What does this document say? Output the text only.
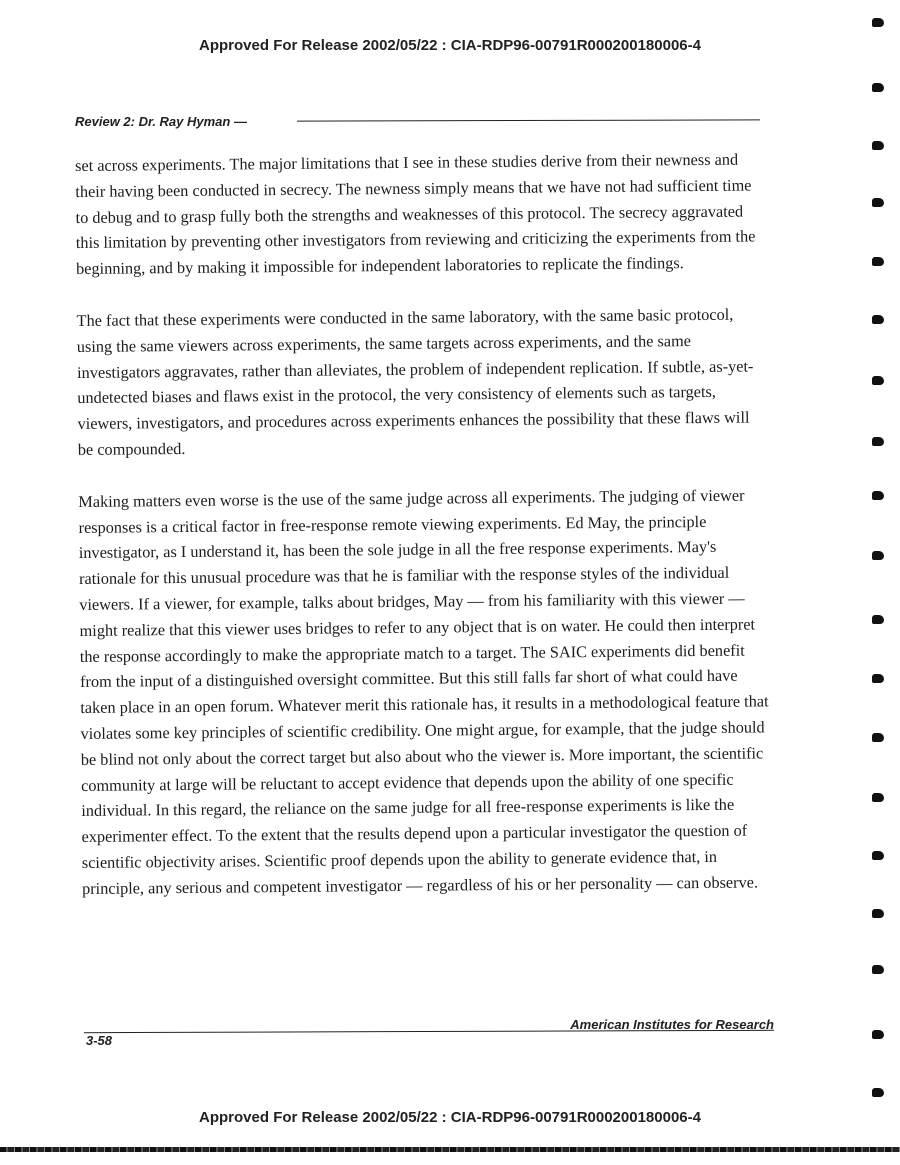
Approved For Release 2002/05/22 : CIA-RDP96-00791R000200180006-4
Review 2: Dr. Ray Hyman —

set across experiments. The major limitations that I see in these studies derive from their newness and their having been conducted in secrecy. The newness simply means that we have not had sufficient time to debug and to grasp fully both the strengths and weaknesses of this protocol. The secrecy aggravated this limitation by preventing other investigators from reviewing and criticizing the experiments from the beginning, and by making it impossible for independent laboratories to replicate the findings.

The fact that these experiments were conducted in the same laboratory, with the same basic protocol, using the same viewers across experiments, the same targets across experiments, and the same investigators aggravates, rather than alleviates, the problem of independent replication. If subtle, as-yet-undetected biases and flaws exist in the protocol, the very consistency of elements such as targets, viewers, investigators, and procedures across experiments enhances the possibility that these flaws will be compounded.

Making matters even worse is the use of the same judge across all experiments. The judging of viewer responses is a critical factor in free-response remote viewing experiments. Ed May, the principle investigator, as I understand it, has been the sole judge in all the free response experiments. May's rationale for this unusual procedure was that he is familiar with the response styles of the individual viewers. If a viewer, for example, talks about bridges, May — from his familiarity with this viewer — might realize that this viewer uses bridges to refer to any object that is on water. He could then interpret the response accordingly to make the appropriate match to a target. The SAIC experiments did benefit from the input of a distinguished oversight committee. But this still falls far short of what could have taken place in an open forum. Whatever merit this rationale has, it results in a methodological feature that violates some key principles of scientific credibility. One might argue, for example, that the judge should be blind not only about the correct target but also about who the viewer is. More important, the scientific community at large will be reluctant to accept evidence that depends upon the ability of one specific individual. In this regard, the reliance on the same judge for all free-response experiments is like the experimenter effect. To the extent that the results depend upon a particular investigator the question of scientific objectivity arises. Scientific proof depends upon the ability to generate evidence that, in principle, any serious and competent investigator — regardless of his or her personality — can observe.

American Institutes for Research
3-58
Approved For Release 2002/05/22 : CIA-RDP96-00791R000200180006-4
